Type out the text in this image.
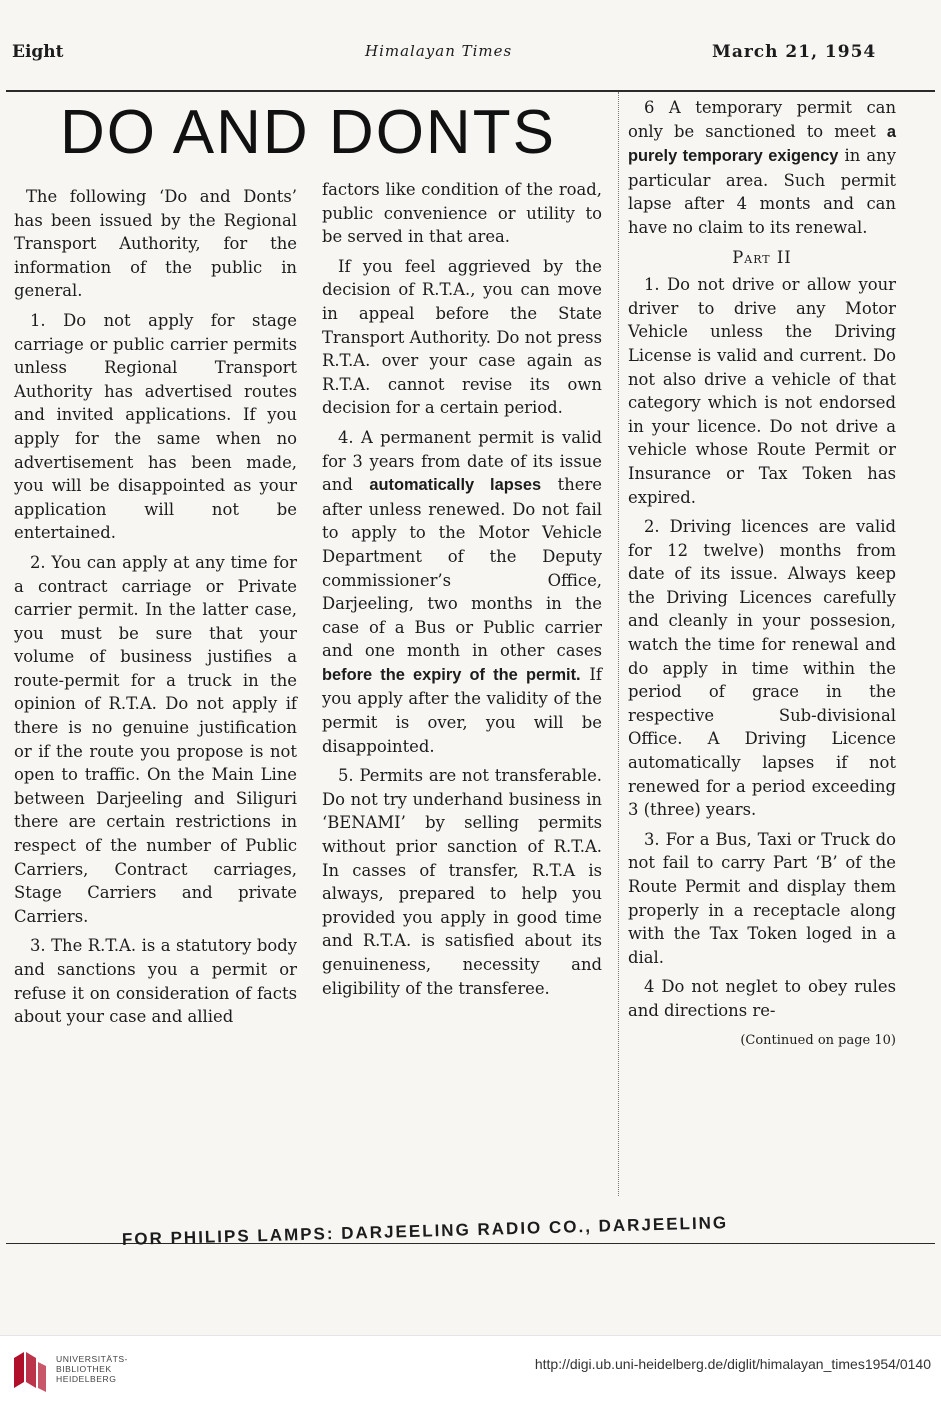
Eight	Himalayan Times	March 21, 1954
DO AND DONTS

The following ‘Do and Donts’ has been issued by the Regional Transport Authority, for the information of the public in general.

1. Do not apply for stage carriage or public carrier permits unless Regional Transport Authority has advertised routes and invited applications. If you apply for the same when no advertisement has been made, you will be disappointed as your application will not be entertained.

2. You can apply at any time for a contract carriage or Private carrier permit. In the latter case, you must be sure that your volume of business justifies a route-permit for a truck in the opinion of R.T.A. Do not apply if there is no genuine justification or if the route you propose is not open to traffic. On the Main Line between Darjeeling and Siliguri there are certain restrictions in respect of the number of Public Carriers, Contract carriages, Stage Carriers and private Carriers.

3. The R.T.A. is a statutory body and sanctions you a permit or refuse it on consideration of facts about your case and allied

factors like condition of the road, public convenience or utility to be served in that area.

If you feel aggrieved by the decision of R.T.A., you can move in appeal before the State Transport Authority. Do not press R.T.A. over your case again as R.T.A. cannot revise its own decision for a certain period.

4. A permanent permit is valid for 3 years from date of its issue and automatically lapses there after unless renewed. Do not fail to apply to the Motor Vehicle Department of the Deputy commissioner’s Office, Darjeeling, two months in the case of a Bus or Public carrier and one month in other cases before the expiry of the permit. If you apply after the validity of the permit is over, you will be disappointed.

5. Permits are not transferable. Do not try underhand business in ‘BENAMI’ by selling permits without prior sanction of R.T.A. In casses of transfer, R.T.A is always, prepared to help you provided you apply in good time and R.T.A. is satisfied about its genuineness, necessity and eligibility of the transferee.

6 A temporary permit can only be sanctioned to meet a purely temporary exigency in any particular area. Such permit lapse after 4 monts and can have no claim to its renewal.

Part II

1. Do not drive or allow your driver to drive any Motor Vehicle unless the Driving License is valid and current. Do not also drive a vehicle of that category which is not endorsed in your licence. Do not drive a vehicle whose Route Permit or Insurance or Tax Token has expired.

2. Driving licences are valid for 12 twelve) months from date of its issue. Always keep the Driving Licences carefully and cleanly in your possesion, watch the time for renewal and do apply in time within the period of grace in the respective Sub-divisional Office. A Driving Licence automatically lapses if not renewed for a period exceeding 3 (three) years.

3. For a Bus, Taxi or Truck do not fail to carry Part ‘B’ of the Route Permit and display them properly in a receptacle along with the Tax Token loged in a dial.

4 Do not neglet to obey rules and directions re-

(Continued on page 10)
FOR PHILIPS LAMPS: DARJEELING RADIO CO., DARJEELING
UNIVERSITÄTS-
BIBLIOTHEK
HEIDELBERG
http://digi.ub.uni-heidelberg.de/diglit/himalayan_times1954/0140
